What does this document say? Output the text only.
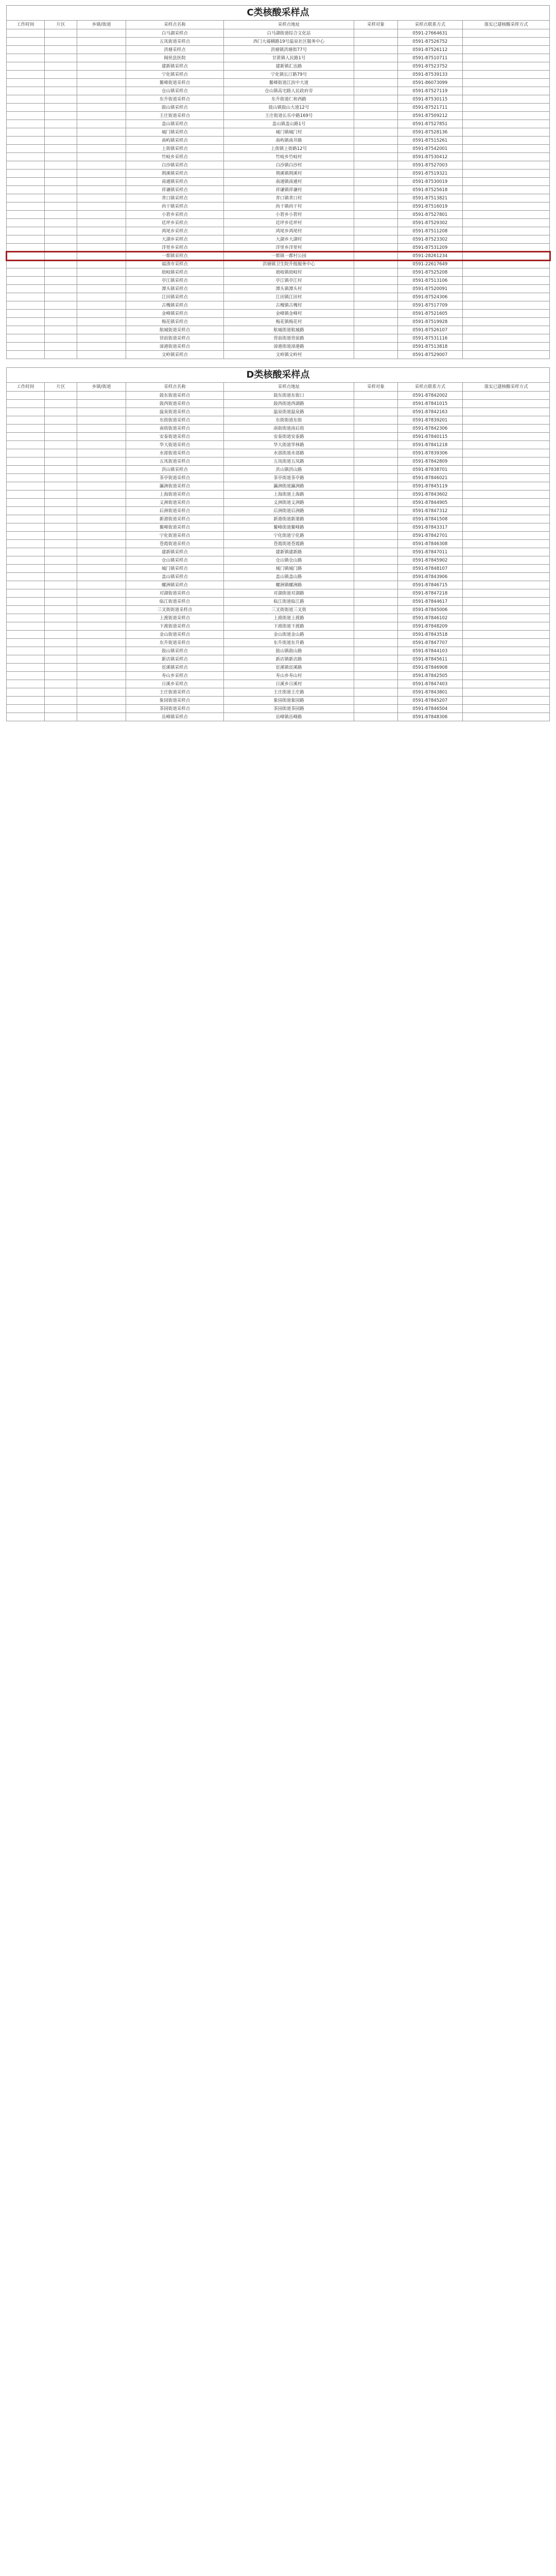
C类核酸采样点
工作时间	片区	乡镇/街道	采样点名称	采样点地址	采样对象	采样点联系方式	落实已建核酸采样方式
			白马湖采样点	白马湖街道综合文化站		0591-27664631	
			五凤街道采样点	西门大墙横路19号温泉社区服务中心		0591-87526752	
			洪塘采样点	洪塘镇洪塘街77号		0591-87526112	
			闽侯县医院	甘蔗镇人民路1号		0591-87510711	
			建新镇采样点	建新镇汇达路		0591-87523752	
			宁化镇采样点	宁化镇长汀路79号		0591-87539133	
			鳌峰街道采样点	鳌峰街道江滨中大道		0591-86073099	
			仓山镇采样点	仓山镇高宅路人民政府旁		0591-87527119	
			东升街道采样点	东升街道仁和西路		0591-87530115	
			鼓山镇采样点	鼓山镇鼓山大道12号		0591-87521711	
			王庄街道采样点	王庄街道长乐中路169号		0591-87509212	
			盖山镇采样点	盖山镇盖山路1号		0591-87527851	
			城门镇采样点	城门镇城门村		0591-87528136	
			南屿镇采样点	南屿镇南井路		0591-87515261	
			上街镇采样点	上街镇上街路12号		0591-87542001	
			竹岐乡采样点	竹岐乡竹岐村		0591-87530412	
			白沙镇采样点	白沙镇白沙村		0591-87527003	
			荆溪镇采样点	荆溪镇荆溪村		0591-87519321	
			南通镇采样点	南通镇南通村		0591-87530019	
			祥谦镇采样点	祥谦镇祥谦村		0591-87525618	
			青口镇采样点	青口镇青口村		0591-87513821	
			尚干镇采样点	尚干镇尚干村		0591-87516019	
			小箬乡采样点	小箬乡小箬村		0591-87527801	
			廷坪乡采样点	廷坪乡廷坪村		0591-87529302	
			鸿尾乡采样点	鸿尾乡鸿尾村		0591-87511208	
			大湖乡采样点	大湖乡大湖村		0591-87523302	
			洋里乡采样点	洋里乡洋里村		0591-87531209	
			一都镇采样点	一都镇一都村公园		0591-28261234	
			福清市采样点	洪塘镇卫生院升级服务中心		0591-22617649	
			琅岐镇采样点	琅岐镇琅岐村		0591-87525208	
			亭江镇采样点	亭江镇亭江村		0591-87513106	
			潭头镇采样点	潭头镇潭头村		0591-87520091	
			江田镇采样点	江田镇江田村		0591-87524306	
			古槐镇采样点	古槐镇古槐村		0591-87517709	
			金峰镇采样点	金峰镇金峰村		0591-87521605	
			梅花镇采样点	梅花镇梅花村		0591-87519928	
			航城街道采样点	航城街道航城路		0591-87526107	
			营前街道采样点	营前街道营前路		0591-87531116	
			漳港街道采样点	漳港街道漳港路		0591-87513818	
			文岭镇采样点	文岭镇文岭村		0591-87529007	
D类核酸采样点
工作时间	片区	乡镇/街道	采样点名称	采样点地址	采样对象	采样点联系方式	落实已建核酸采样方式
			鼓东街道采样点	鼓东街道东街口		0591-87842002	
			鼓西街道采样点	鼓西街道西湖路		0591-87841015	
			温泉街道采样点	温泉街道温泉路		0591-87842163	
			东街街道采样点	东街街道东街		0591-87839201	
			南街街道采样点	南街街道南后街		0591-87842306	
			安泰街道采样点	安泰街道安泰路		0591-87840115	
			华大街道采样点	华大街道华林路		0591-87841218	
			水部街道采样点	水部街道水部路		0591-87839306	
			五凤街道采样点	五凤街道五凤路		0591-87842809	
			洪山镇采样点	洪山镇洪山路		0591-87838701	
			茶亭街道采样点	茶亭街道茶亭路		0591-87846021	
			瀛洲街道采样点	瀛洲街道瀛洲路		0591-87845119	
			上海街道采样点	上海街道上海路		0591-87843602	
			义洲街道采样点	义洲街道义洲路		0591-87844905	
			后洲街道采样点	后洲街道后洲路		0591-87847312	
			新港街道采样点	新港街道新港路		0591-87841508	
			鳌峰街道采样点	鳌峰街道鳌峰路		0591-87843317	
			宁化街道采样点	宁化街道宁化路		0591-87842701	
			苍霞街道采样点	苍霞街道苍霞路		0591-87846308	
			建新镇采样点	建新镇建新路		0591-87847011	
			仓山镇采样点	仓山镇仓山路		0591-87845902	
			城门镇采样点	城门镇城门路		0591-87848107	
			盖山镇采样点	盖山镇盖山路		0591-87843906	
			螺洲镇采样点	螺洲镇螺洲路		0591-87846715	
			对湖街道采样点	对湖街道对湖路		0591-87847218	
			临江街道采样点	临江街道临江路		0591-87844617	
			三叉街街道采样点	三叉街街道三叉街		0591-87845006	
			上渡街道采样点	上渡街道上渡路		0591-87846102	
			下渡街道采样点	下渡街道下渡路		0591-87848209	
			金山街道采样点	金山街道金山路		0591-87843518	
			东升街道采样点	东升街道东升路		0591-87847707	
			鼓山镇采样点	鼓山镇鼓山路		0591-87844103	
			新店镇采样点	新店镇新店路		0591-87845611	
			宦溪镇采样点	宦溪镇宦溪路		0591-87846908	
			寿山乡采样点	寿山乡寿山村		0591-87842505	
			日溪乡采样点	日溪乡日溪村		0591-87847403	
			王庄街道采样点	王庄街道王庄路		0591-87843801	
			象园街道采样点	象园街道象园路		0591-87845207	
			茶园街道采样点	茶园街道茶园路		0591-87846504	
			岳峰镇采样点	岳峰镇岳峰路		0591-87848306	
